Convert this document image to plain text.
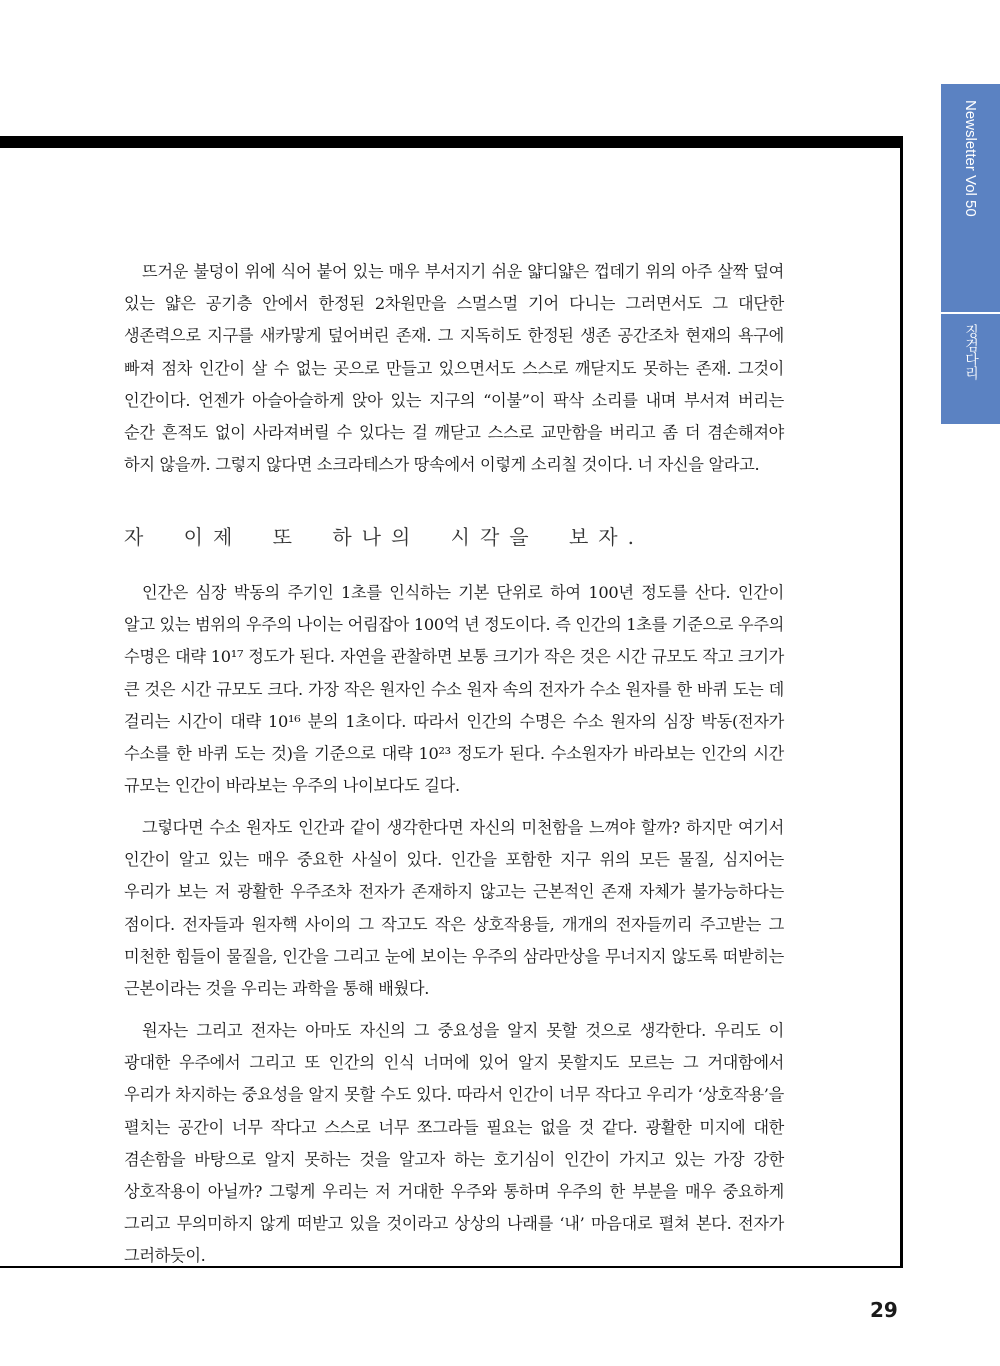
Newsletter Vol 50
징검다리

뜨거운 불덩이 위에 식어 붙어 있는 매우 부서지기 쉬운 얇디얇은 껍데기 위의 아주 살짝 덮여 있는 얇은 공기층 안에서 한정된 2차원만을 스멀스멀 기어 다니는 그러면서도 그 대단한 생존력으로 지구를 새카맣게 덮어버린 존재. 그 지독히도 한정된 생존 공간조차 현재의 욕구에 빠져 점차 인간이 살 수 없는 곳으로 만들고 있으면서도 스스로 깨닫지도 못하는 존재. 그것이 인간이다. 언젠가 아슬아슬하게 앉아 있는 지구의 “이불”이 팍삭 소리를 내며 부서져 버리는 순간 흔적도 없이 사라져버릴 수 있다는 걸 깨닫고 스스로 교만함을 버리고 좀 더 겸손해져야 하지 않을까. 그렇지 않다면 소크라테스가 땅속에서 이렇게 소리칠 것이다. 너 자신을 알라고.

자 이제 또 하나의 시각을 보자.

인간은 심장 박동의 주기인 1초를 인식하는 기본 단위로 하여 100년 정도를 산다. 인간이 알고 있는 범위의 우주의 나이는 어림잡아 100억 년 정도이다. 즉 인간의 1초를 기준으로 우주의 수명은 대략 10¹⁷ 정도가 된다. 자연을 관찰하면 보통 크기가 작은 것은 시간 규모도 작고 크기가 큰 것은 시간 규모도 크다. 가장 작은 원자인 수소 원자 속의 전자가 수소 원자를 한 바퀴 도는 데 걸리는 시간이 대략 10¹⁶ 분의 1초이다. 따라서 인간의 수명은 수소 원자의 심장 박동(전자가 수소를 한 바퀴 도는 것)을 기준으로 대략 10²³ 정도가 된다. 수소원자가 바라보는 인간의 시간 규모는 인간이 바라보는 우주의 나이보다도 길다.

그렇다면 수소 원자도 인간과 같이 생각한다면 자신의 미천함을 느껴야 할까? 하지만 여기서 인간이 알고 있는 매우 중요한 사실이 있다. 인간을 포함한 지구 위의 모든 물질, 심지어는 우리가 보는 저 광활한 우주조차 전자가 존재하지 않고는 근본적인 존재 자체가 불가능하다는 점이다. 전자들과 원자핵 사이의 그 작고도 작은 상호작용들, 개개의 전자들끼리 주고받는 그 미천한 힘들이 물질을, 인간을 그리고 눈에 보이는 우주의 삼라만상을 무너지지 않도록 떠받히는 근본이라는 것을 우리는 과학을 통해 배웠다.

원자는 그리고 전자는 아마도 자신의 그 중요성을 알지 못할 것으로 생각한다. 우리도 이 광대한 우주에서 그리고 또 인간의 인식 너머에 있어 알지 못할지도 모르는 그 거대함에서 우리가 차지하는 중요성을 알지 못할 수도 있다. 따라서 인간이 너무 작다고 우리가 ‘상호작용’을 펼치는 공간이 너무 작다고 스스로 너무 쪼그라들 필요는 없을 것 같다. 광활한 미지에 대한 겸손함을 바탕으로 알지 못하는 것을 알고자 하는 호기심이 인간이 가지고 있는 가장 강한 상호작용이 아닐까? 그렇게 우리는 저 거대한 우주와 통하며 우주의 한 부분을 매우 중요하게 그리고 무의미하지 않게 떠받고 있을 것이라고 상상의 나래를 ‘내’ 마음대로 펼쳐 본다. 전자가 그러하듯이.

29
